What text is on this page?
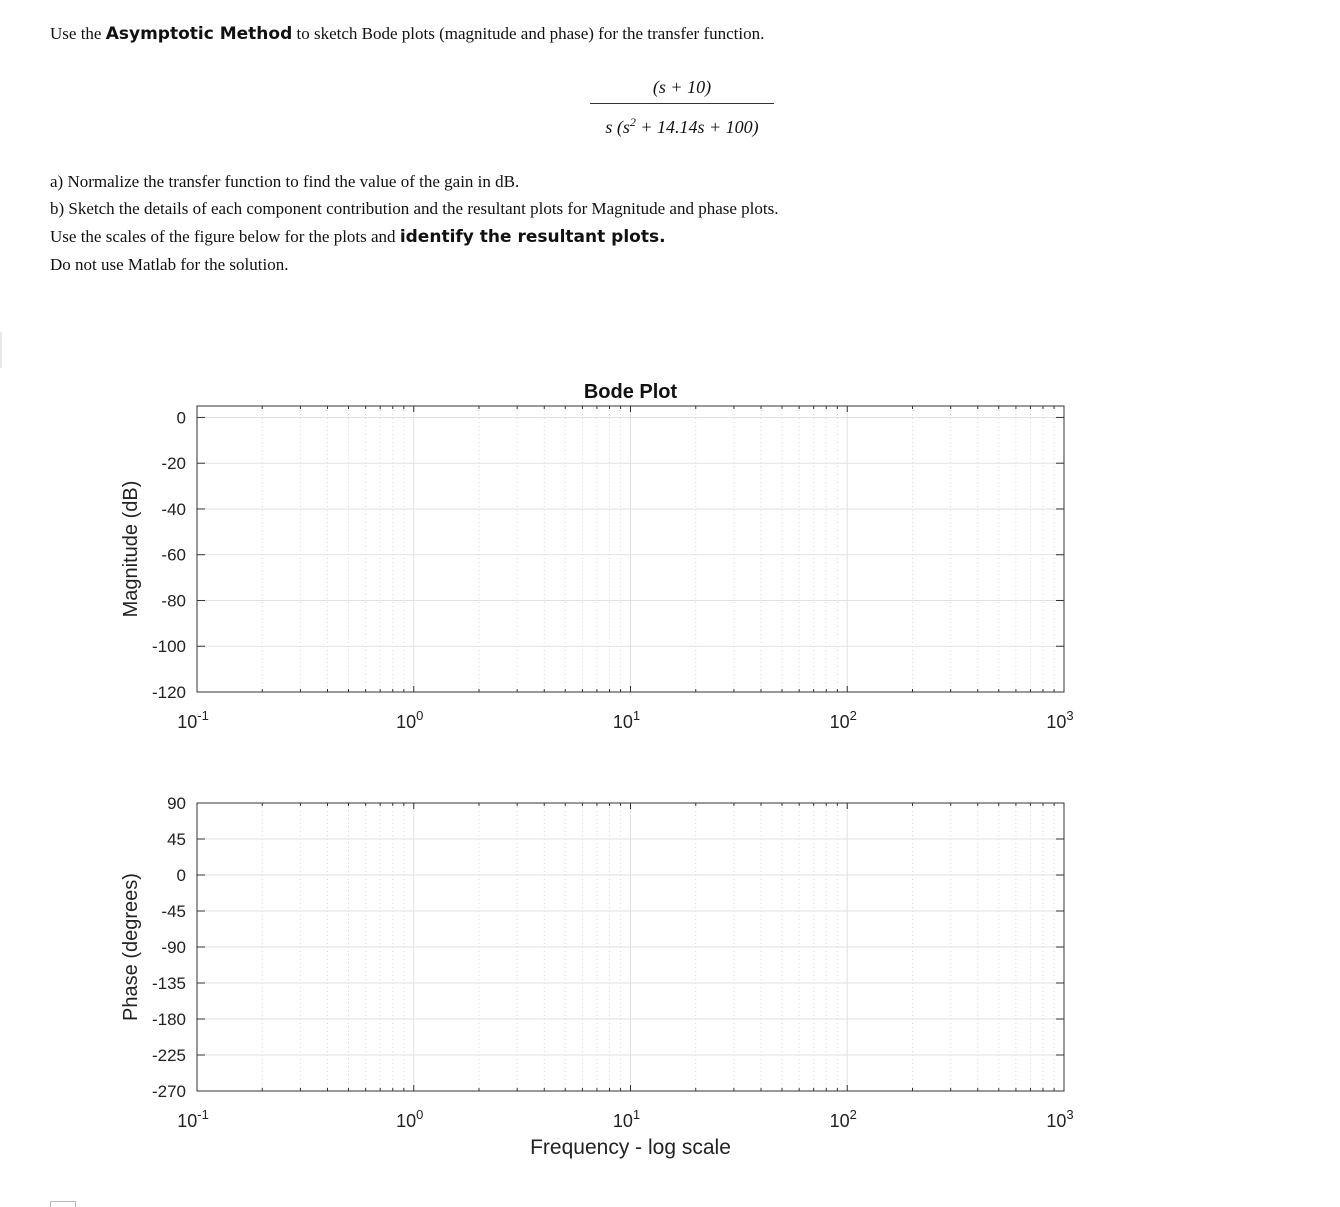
Use the Asymptotic Method to sketch Bode plots (magnitude and phase) for the transfer function.
(s + 10)
s $(s^2 + 14.14s + 100)$
a) Normalize the transfer function to find the value of the gain in dB.
b) Sketch the details of each component contribution and the resultant plots for Magnitude and phase plots.
Use the scales of the figure below for the plots and identify the resultant plots.
Do not use Matlab for the solution.
0
-20
-40
-60
-80
-100
-120
$10^{-1}$	$10^0$	$10^1$	$10^2$	$10^3$
Magnitude (dB)
Bode Plot
90
45
0
-45
-90
-135
-180
-225
-270
$10^{-1}$	$10^0$	$10^1$	$10^2$	$10^3$
Phase (degrees)
Frequency - log scale
